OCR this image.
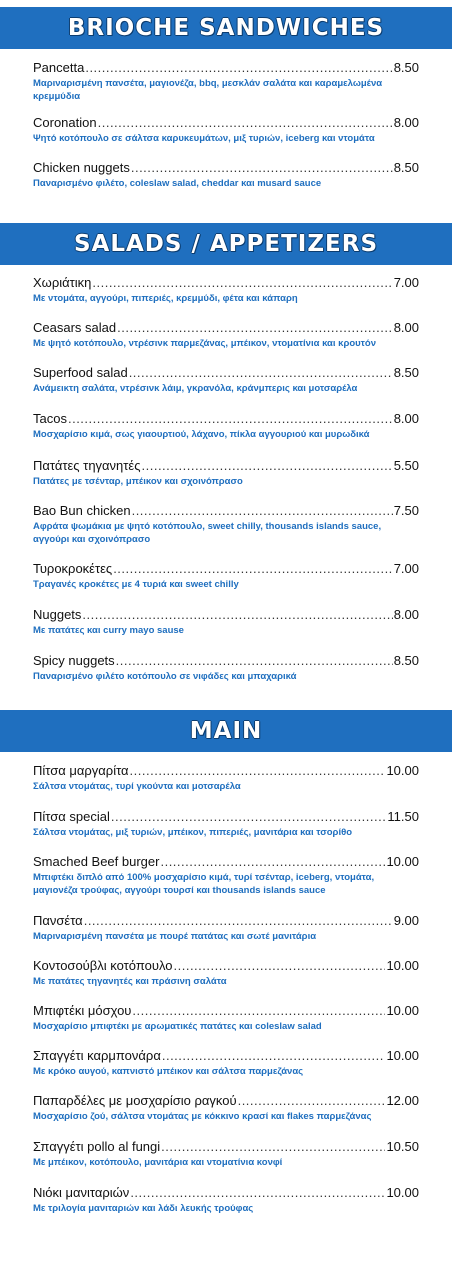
BRIOCHE SANDWICHES
Pancetta .....	8.50
Μαριναρισμένη πανσέτα, μαγιονέζα, bbq, μεσκλάν σαλάτα και καραμελωμένα κρεμμύδια
Coronation .....	8.00
Ψητό κοτόπουλο σε σάλτσα καρυκευμάτων, μιξ τυριών, iceberg και ντομάτα
Chicken nuggets .....	8.50
Παναρισμένο φιλέτο, coleslaw salad, cheddar και musard sauce
SALADS / APPETIZERS
Χωριάτικη .....	7.00
Με ντομάτα, αγγούρι, πιπεριές, κρεμμύδι, φέτα και κάπαρη
Ceasars salad .....	8.00
Με ψητό κοτόπουλο, ντρέσινκ παρμεζάνας, μπέικον, ντοματίνια και κρουτόν
Superfood salad .....	8.50
Ανάμεικτη σαλάτα, ντρέσινκ λάιμ, γκρανόλα, κράνμπερις και μοτσαρέλα
Tacos .....	8.00
Μοσχαρίσιο κιμά, σως γιαουρτιού, λάχανο, πίκλα αγγουριού και μυρωδικά
Πατάτες τηγανητές .....	5.50
Πατάτες με τσένταρ, μπέικον και σχοινόπρασο
Bao Bun chicken .....	7.50
Αφράτα ψωμάκια με ψητό κοτόπουλο, sweet chilly, thousands islands sauce, αγγούρι και σχοινόπρασο
Τυροκροκέτες .....	7.00
Τραγανές κροκέτες με 4 τυριά και sweet chilly
Nuggets .....	8.00
Με πατάτες και curry mayo sause
Spicy nuggets .....	8.50
Παναρισμένο φιλέτο κοτόπουλο σε νιφάδες και μπαχαρικά
MAIN
Πίτσα μαργαρίτα .....	10.00
Σάλτσα ντομάτας, τυρί γκούντα και μοτσαρέλα
Πίτσα special .....	11.50
Σάλτσα ντομάτας, μιξ τυριών, μπέικον, πιπεριές, μανιτάρια και τσορίθο
Smached Beef burger .....	10.00
Μπιφτέκι διπλό από 100% μοσχαρίσιο κιμά, τυρί τσένταρ, iceberg, ντομάτα, μαγιονέζα τρούφας, αγγούρι τουρσί και thousands islands sauce
Πανσέτα .....	9.00
Μαριναρισμένη πανσέτα με πουρέ πατάτας και σωτέ μανιτάρια
Κοντοσούβλι κοτόπουλο .....	10.00
Με πατάτες τηγανητές και πράσινη σαλάτα
Μπιφτέκι μόσχου .....	10.00
Μοσχαρίσιο μπιφτέκι με αρωματικές πατάτες και coleslaw salad
Σπαγγέτι καρμπονάρα .....	10.00
Με κρόκο αυγού, καπνιστό μπέικον και σάλτσα παρμεζάνας
Παπαρδέλες με μοσχαρίσιο ραγκού .....	12.00
Μοσχαρίσιο ζού, σάλτσα ντομάτας με κόκκινο κρασί και flakes παρμεζάνας
Σπαγγέτι pollo al fungi .....	10.50
Με μπέικον, κοτόπουλο, μανιτάρια και ντοματίνια κονφί
Νιόκι μανιταριών .....	10.00
Με τριλογία μανιταριών και λάδι λευκής τρούφας
